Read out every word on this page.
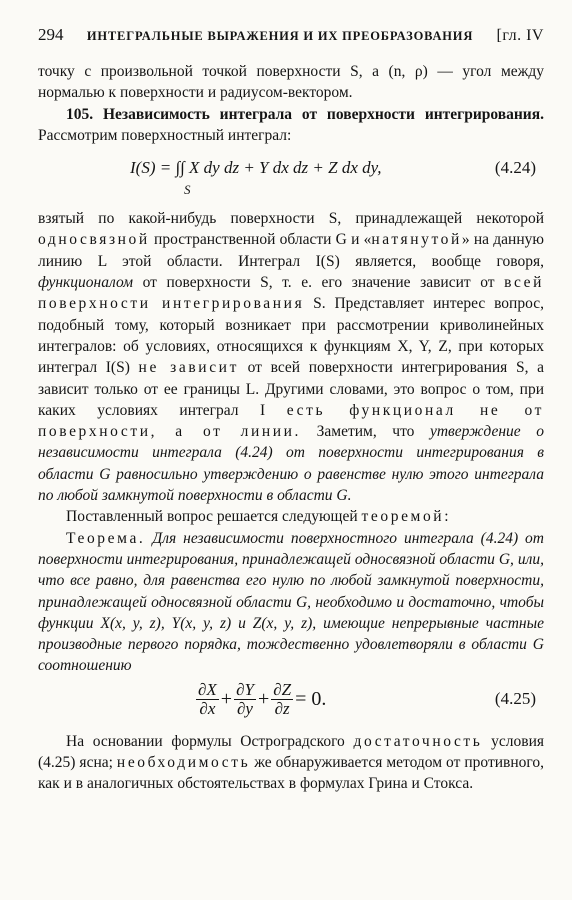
294 ИНТЕГРАЛЬНЫЕ ВЫРАЖЕНИЯ И ИХ ПРЕОБРАЗОВАНИЯ [гл. IV

точку с произвольной точкой поверхности S, а (n, ρ) — угол между нормалью к поверхности и радиусом-вектором.

105. Независимость интеграла от поверхности интегрирования. Рассмотрим поверхностный интеграл:

I(S) = ∫∫ X dy dz + Y dx dz + Z dx dy,
S
(4.24)

взятый по какой-нибудь поверхности S, принадлежащей некоторой односвязной пространственной области G и «натянутой» на данную линию L этой области. Интеграл I(S) является, вообще говоря, функционалом от поверхности S, т. е. его значение зависит от всей поверхности интегрирования S. Представляет интерес вопрос, подобный тому, который возникает при рассмотрении криволинейных интегралов: об условиях, относящихся к функциям X, Y, Z, при которых интеграл I(S) не зависит от всей поверхности интегрирования S, а зависит только от ее границы L. Другими словами, это вопрос о том, при каких условиях интеграл I есть функционал не от поверхности, а от линии. Заметим, что утверждение о независимости интеграла (4.24) от поверхности интегрирования в области G равносильно утверждению о равенстве нулю этого интеграла по любой замкнутой поверхности в области G.

Поставленный вопрос решается следующей теоремой:

Теорема. Для независимости поверхностного интеграла (4.24) от поверхности интегрирования, принадлежащей односвязной области G, или, что все равно, для равенства его нулю по любой замкнутой поверхности, принадлежащей односвязной области G, необходимо и достаточно, чтобы функции X(x, y, z), Y(x, y, z) и Z(x, y, z), имеющие непрерывные частные производные первого порядка, тождественно удовлетворяли в области G соотношению

$\frac{\partial X}{\partial x} + \frac{\partial Y}{\partial y} + \frac{\partial Z}{\partial z} = 0$.	(4.25)

На основании формулы Остроградского достаточность условия (4.25) ясна; необходимость же обнаруживается методом от противного, как и в аналогичных обстоятельствах в формулах Грина и Стокса.
